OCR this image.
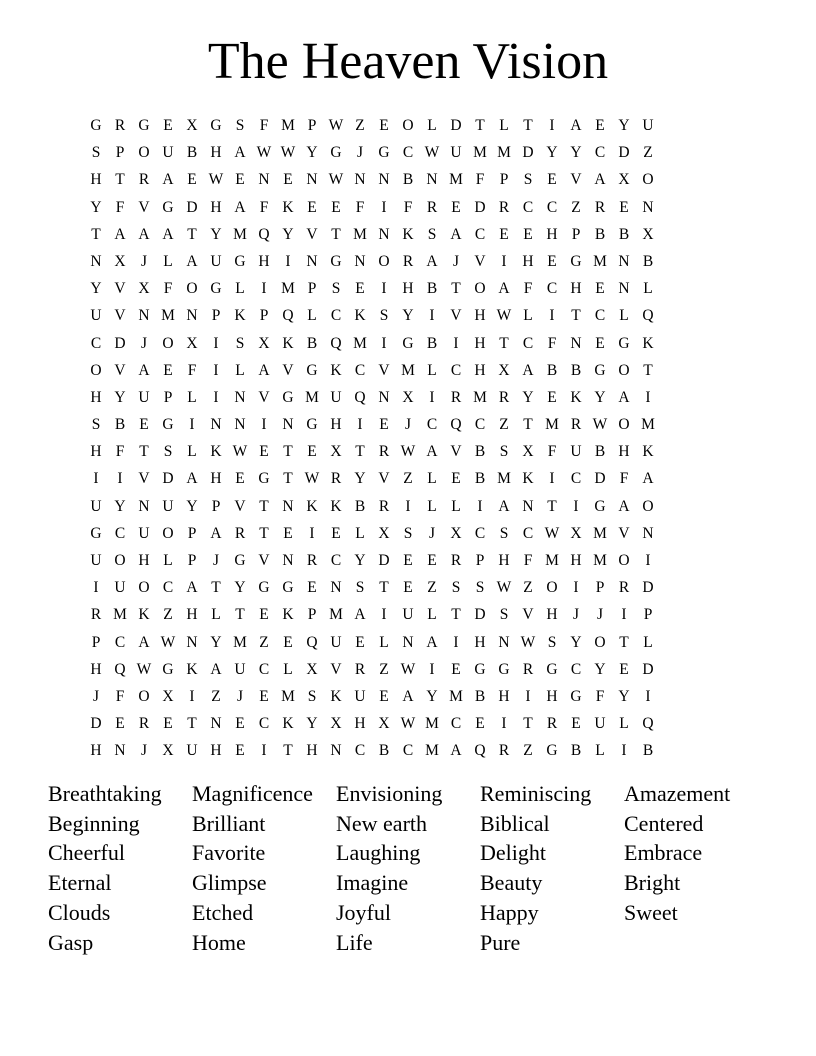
The Heaven Vision
G R G E X G S F M P W Z E O L D T L T	I	A E Y U
S P O U B H A W W Y G J G C W U M M D Y Y C D Z
H T R A E W E N E N W N N B N M F P S E V A X O
Y F V G D H A F K E E F	I	F R E D R C C Z R E N
T A A A T Y M Q Y V T M N K S A C E E H P B B X
N X J	L A U G H	I	N G N O R A J V	I	H E G M N B
Y V X F O G L	I M P S E	I	H B T O A F C H E N L
U V N M N P K P Q L C K S Y	I	V H W L	I	T C L Q
C D J O X	I	S X K B Q M I	G B	I	H T C F N E G K
O V A E F	I	L A V G K C V M L C H X A B B G O T
H Y U P L	I	N V G M U Q N X	I	R M R Y E K Y A	I
S B E G	I	N N	I	N G H	I	E	J	C Q C Z T M R W O M
H F T S L K W E T E X T R W A V B S X F U B H K
I	I	V D A H E G T W R Y V Z L E B M K	I	C D F A
U Y N U Y P V T N K K B R	I	L L	I	A N T	I	G A O
G C U O P A R T E	I	E L X S	J X C S C W X M V N
U O H L P	J G V N R C Y D E E R P H F M H M O	I
I	U O C A T Y G G E N S T E Z S S W Z O	I	P R D
R M K Z H L T E K P M A	I	U L T D S V H J	J	I	P
P C A W N Y M Z E Q U E L N A	I	H N W S Y O T L
H Q W G K A U C L X V R Z W I	E G G R G C Y E D
J	F O X	I	Z	J	E M S K U E A Y M B H	I	H G F Y	I
D E R E T N E C K Y X H X W M C E	I	T R E U L Q
H N J X U H E	I	T H N C B C M A Q R Z G B L	I	B
Breathtaking
Beginning
Cheerful
Eternal
Clouds
Gasp
Magnificence
Brilliant
Favorite
Glimpse
Etched
Home
Envisioning
New earth
Laughing
Imagine
Joyful
Life
Reminiscing
Biblical
Delight
Beauty
Happy
Pure
Amazement
Centered
Embrace
Bright
Sweet
